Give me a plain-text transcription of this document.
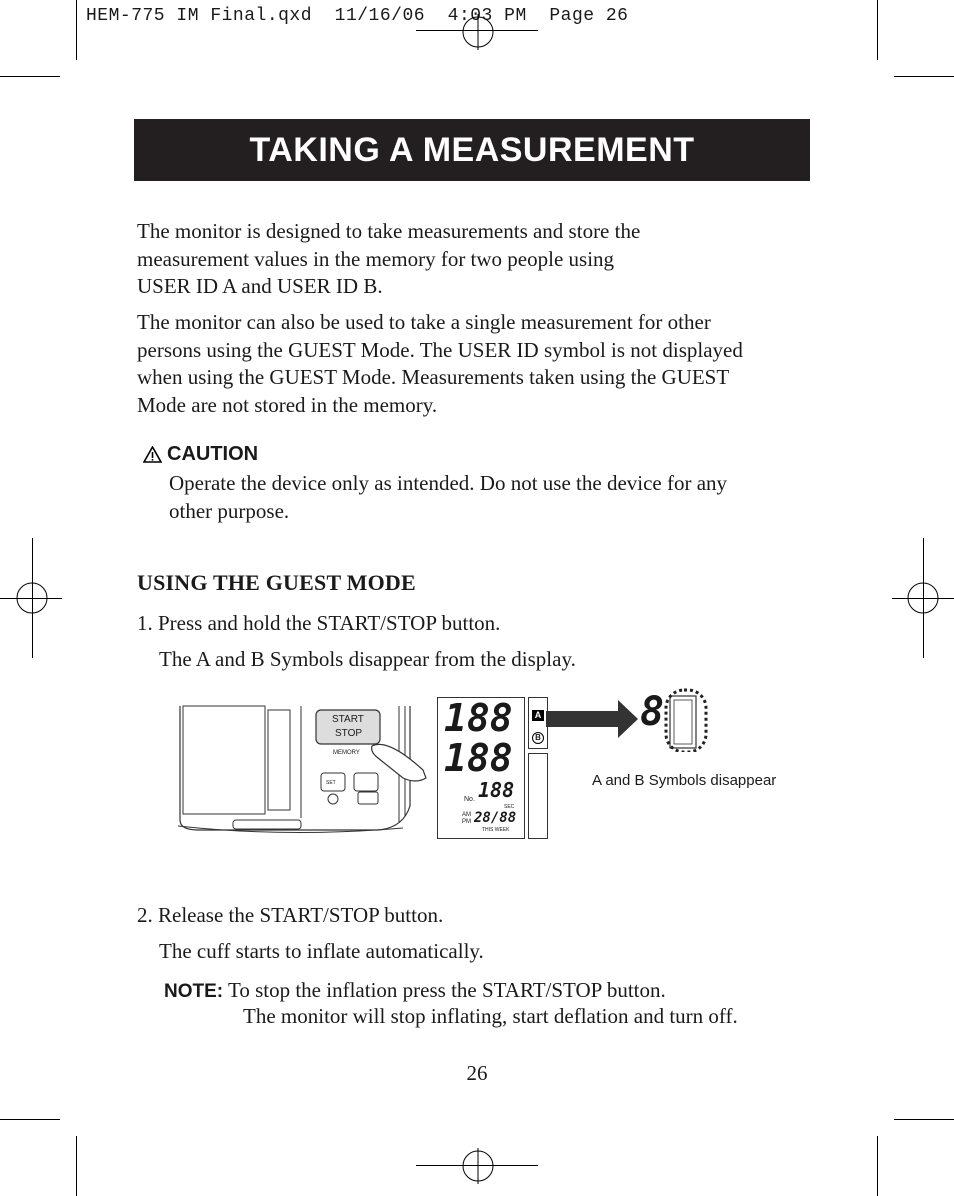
HEM-775 IM Final.qxd  11/16/06  4:03 PM  Page 26
TAKING A MEASUREMENT
The monitor is designed to take measurements and store the
measurement values in the memory for two people using
USER ID A and USER ID B.
The monitor can also be used to take a single measurement for other
persons using the GUEST Mode. The USER ID symbol is not displayed
when using the GUEST Mode. Measurements taken using the GUEST
Mode are not stored in the memory.
CAUTION
Operate the device only as intended. Do not use the device for any
other purpose.
USING THE GUEST MODE
1. Press and hold the START/STOP button.
The A and B Symbols disappear from the display.
START
STOP
MEMORY
SET
188
188
188
No.
SEC
AM
PM 28/88
THIS WEEK
A
B
8
A and B Symbols disappear
2. Release the START/STOP button.
The cuff starts to inflate automatically.
NOTE: To stop the inflation press the START/STOP button.
The monitor will stop inflating, start deflation and turn off.
26
